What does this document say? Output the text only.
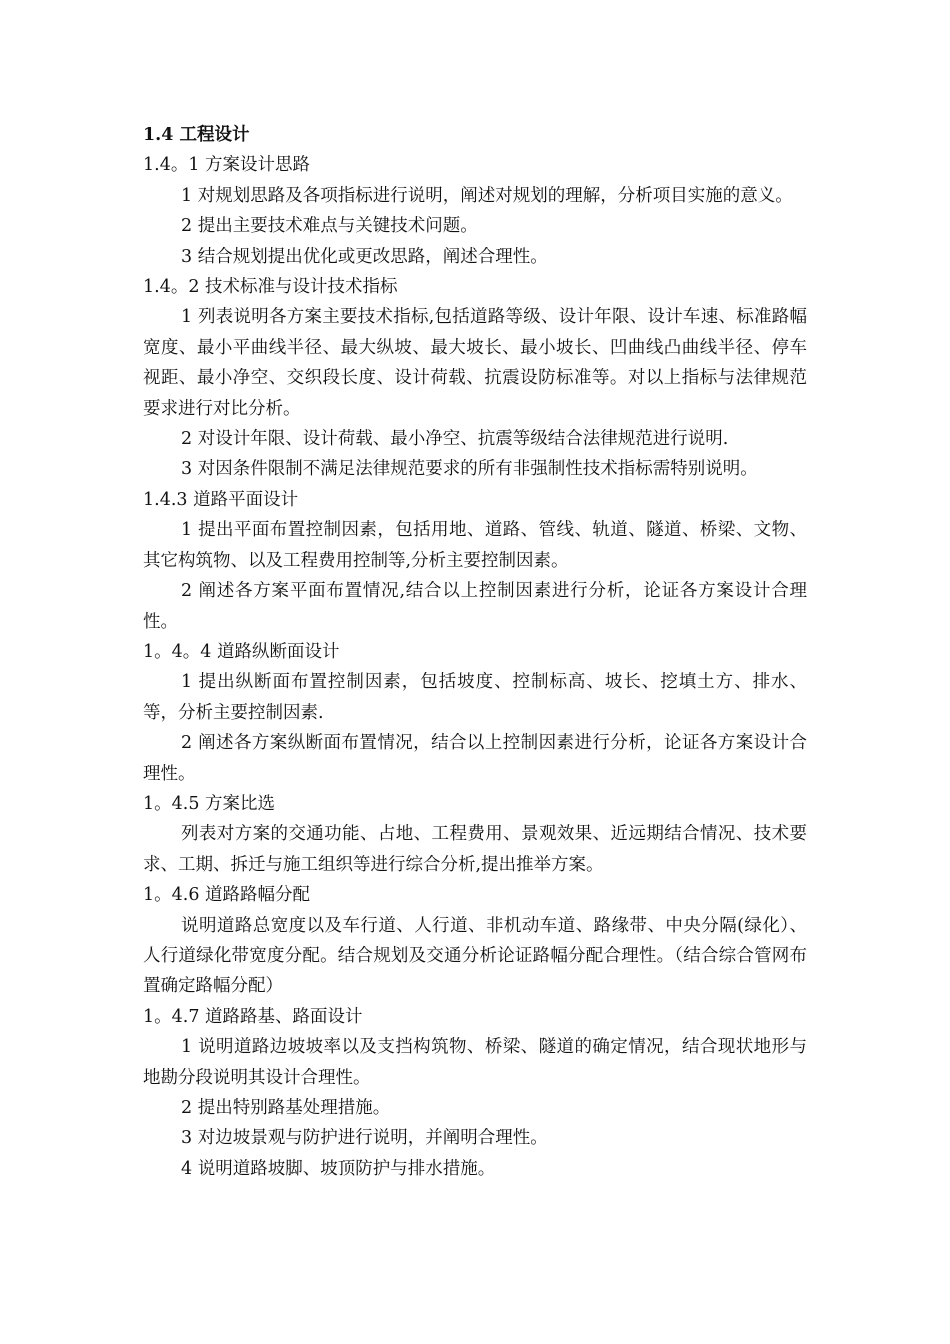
1.4 工程设计

1.4。1 方案设计思路

1 对规划思路及各项指标进行说明，阐述对规划的理解，分析项目实施的意义。

2 提出主要技术难点与关键技术问题。

3 结合规划提出优化或更改思路，阐述合理性。

1.4。2 技术标准与设计技术指标

1 列表说明各方案主要技术指标,包括道路等级、设计年限、设计车速、标准路幅宽度、最小平曲线半径、最大纵坡、最大坡长、最小坡长、凹曲线凸曲线半径、停车视距、最小净空、交织段长度、设计荷载、抗震设防标准等。对以上指标与法律规范要求进行对比分析。

2 对设计年限、设计荷载、最小净空、抗震等级结合法律规范进行说明.

3 对因条件限制不满足法律规范要求的所有非强制性技术指标需特别说明。

1.4.3 道路平面设计

1 提出平面布置控制因素，包括用地、道路、管线、轨道、隧道、桥梁、文物、其它构筑物、以及工程费用控制等,分析主要控制因素。

2 阐述各方案平面布置情况,结合以上控制因素进行分析，论证各方案设计合理性。

1。4。4 道路纵断面设计

1 提出纵断面布置控制因素，包括坡度、控制标高、坡长、挖填土方、排水、等，分析主要控制因素.

2 阐述各方案纵断面布置情况，结合以上控制因素进行分析，论证各方案设计合理性。

1。4.5 方案比选

列表对方案的交通功能、占地、工程费用、景观效果、近远期结合情况、技术要求、工期、拆迁与施工组织等进行综合分析,提出推举方案。

1。4.6 道路路幅分配

说明道路总宽度以及车行道、人行道、非机动车道、路缘带、中央分隔(绿化）、人行道绿化带宽度分配。结合规划及交通分析论证路幅分配合理性。（结合综合管网布置确定路幅分配）

1。4.7 道路路基、路面设计

1 说明道路边坡坡率以及支挡构筑物、桥梁、隧道的确定情况，结合现状地形与地勘分段说明其设计合理性。

2 提出特别路基处理措施。

3 对边坡景观与防护进行说明，并阐明合理性。

4 说明道路坡脚、坡顶防护与排水措施。
